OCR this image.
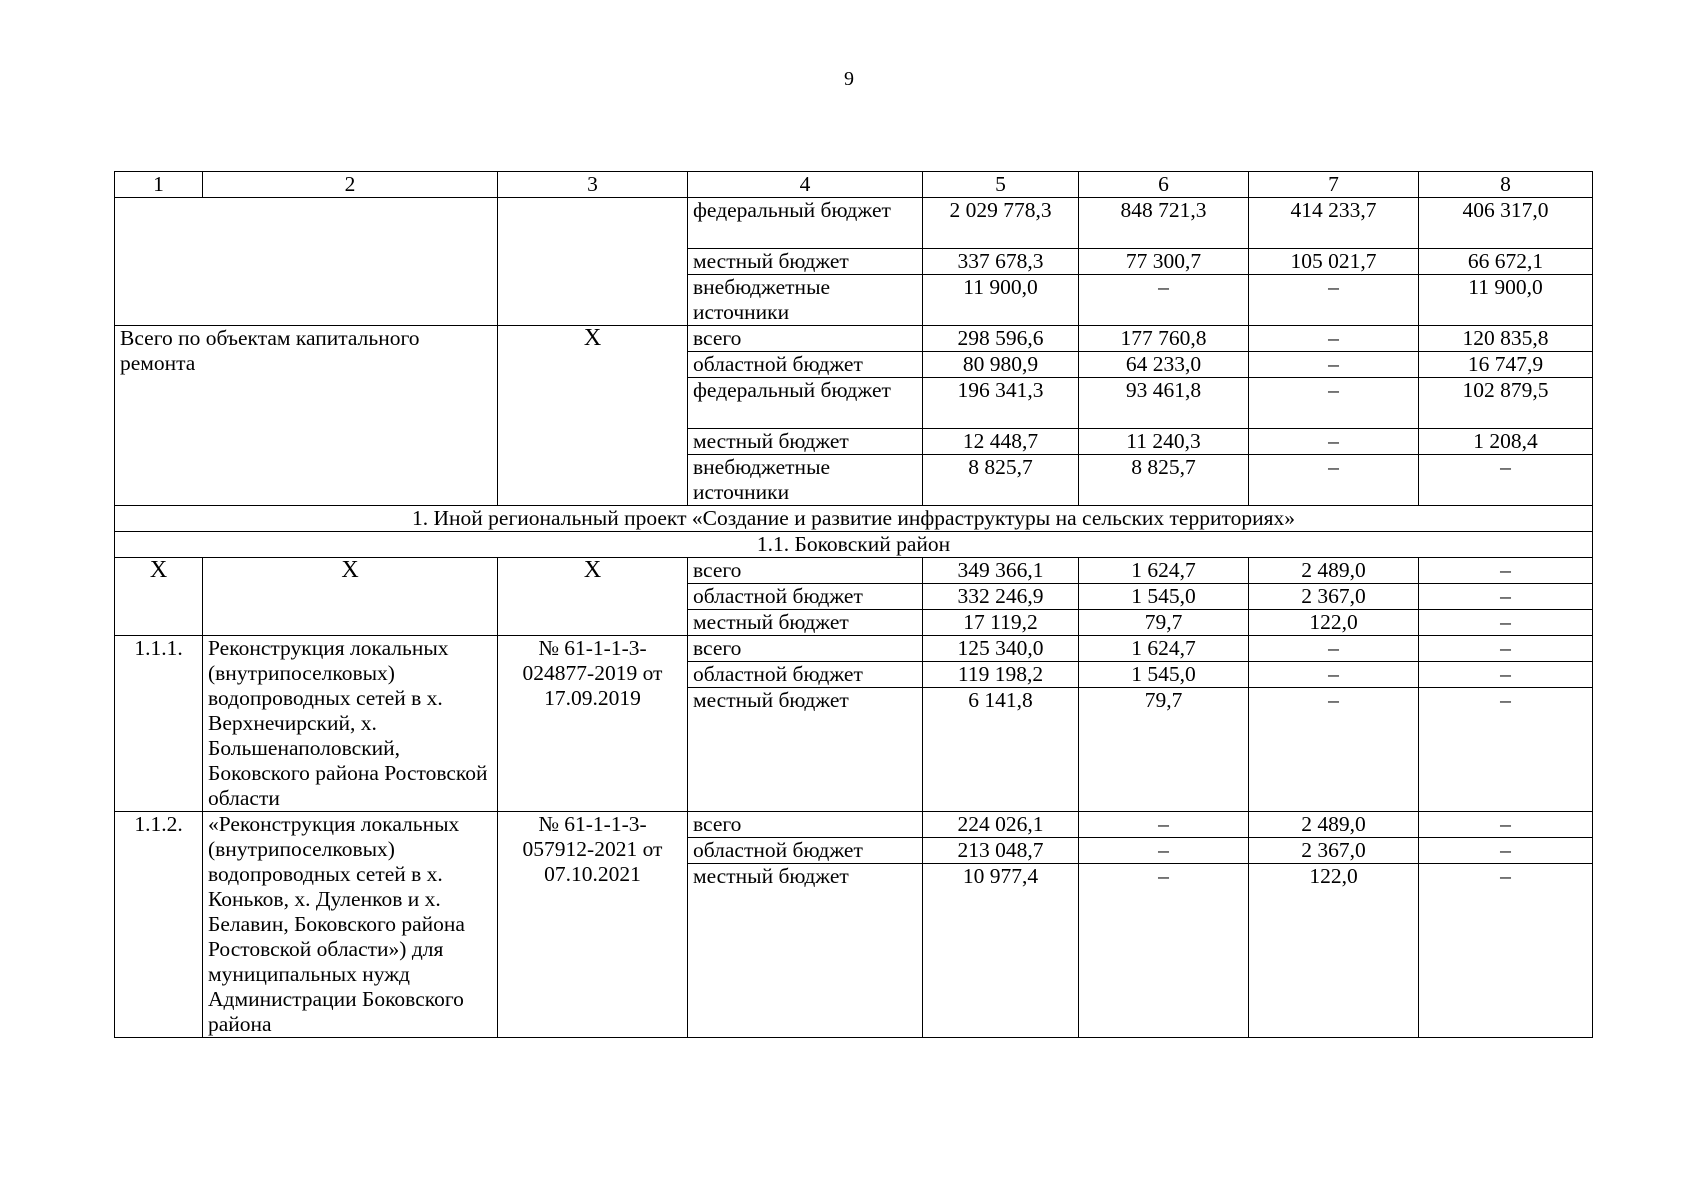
9
1	2	3	4	5	6	7	8
			федеральный бюджет	2 029 778,3	848 721,3	414 233,7	406 317,0
			местный бюджет	337 678,3	77 300,7	105 021,7	66 672,1
			внебюджетные источники	11 900,0	–	–	11 900,0
Всего по объектам капитального ремонта		Х	всего	298 596,6	177 760,8	–	120 835,8
			областной бюджет	80 980,9	64 233,0	–	16 747,9
			федеральный бюджет	196 341,3	93 461,8	–	102 879,5
			местный бюджет	12 448,7	11 240,3	–	1 208,4
			внебюджетные источники	8 825,7	8 825,7	–	–
1. Иной региональный проект «Создание и развитие инфраструктуры на сельских территориях»							
1.1. Боковский район							
Х	Х	Х	всего	349 366,1	1 624,7	2 489,0	–
			областной бюджет	332 246,9	1 545,0	2 367,0	–
			местный бюджет	17 119,2	79,7	122,0	–
1.1.1.	Реконструкция локальных (внутрипоселковых) водопроводных сетей в х. Верхнечирский, х. Большенаполовский, Боковского района Ростовской области	№ 61-1-1-3-024877-2019 от 17.09.2019	всего	125 340,0	1 624,7	–	–
			областной бюджет	119 198,2	1 545,0	–	–
			местный бюджет	6 141,8	79,7	–	–
1.1.2.	«Реконструкция локальных (внутрипоселковых) водопроводных сетей в х. Коньков, х. Дуленков и х. Белавин, Боковского района Ростовской области») для муниципальных нужд Администрации Боковского района	№ 61-1-1-3-057912-2021 от 07.10.2021	всего	224 026,1	–	2 489,0	–
			областной бюджет	213 048,7	–	2 367,0	–
			местный бюджет	10 977,4	–	122,0	–
